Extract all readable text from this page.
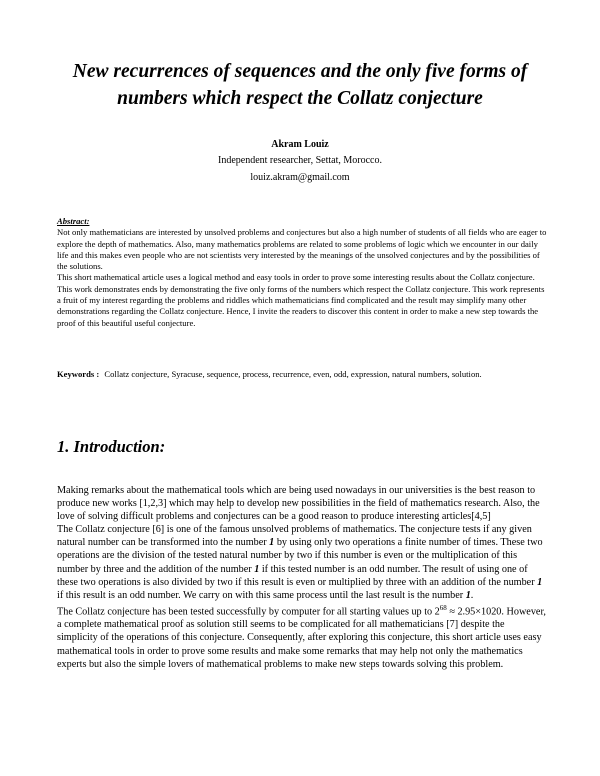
New recurrences of sequences and the only five forms of numbers which respect the Collatz conjecture
Akram Louiz
Independent researcher, Settat, Morocco.
louiz.akram@gmail.com
Abstract:

Not only mathematicians are interested by unsolved problems and conjectures but also a high number of students of all fields who are eager to explore the depth of mathematics. Also, many mathematics problems are related to some problems of logic which we encounter in our daily life and this makes even people who are not scientists very interested by the meanings of the unsolved conjectures and by the possibilities of the solutions.

This short mathematical article uses a logical method and easy tools in order to prove some interesting results about the Collatz conjecture. This work demonstrates ends by demonstrating the five only forms of the numbers which respect the Collatz conjecture. This work represents a fruit of my interest regarding the problems and riddles which mathematicians find complicated and the result may simplify many other demonstrations regarding the Collatz conjecture. Hence, I invite the readers to discover this content in order to make a new step towards the proof of this beautiful useful conjecture.

Keywords : Collatz conjecture, Syracuse, sequence, process, recurrence, even, odd, expression, natural numbers, solution.
1. Introduction:

Making remarks about the mathematical tools which are being used nowadays in our universities is the best reason to produce new works [1,2,3] which may help to develop new possibilities in the field of mathematics research. Also, the love of solving difficult problems and conjectures can be a good reason to produce interesting articles[4,5]

The Collatz conjecture [6] is one of the famous unsolved problems of mathematics. The conjecture tests if any given natural number can be transformed into the number 1 by using only two operations a finite number of times. These two operations are the division of the tested natural number by two if this number is even or the multiplication of this number by three and the addition of the number 1 if this tested number is an odd number. The result of using one of these two operations is also divided by two if this result is even or multiplied by three with an addition of the number 1 if this result is an odd number. We carry on with this same process until the last result is the number 1.

The Collatz conjecture has been tested successfully by computer for all starting values up to $2^{68} \approx 2.95\times 1020$. However, a complete mathematical proof as solution still seems to be complicated for all mathematicians [7] despite the simplicity of the operations of this conjecture. Consequently, after exploring this conjecture, this short article uses easy mathematical tools in order to prove some results and make some remarks that may help not only the mathematics experts but also the simple lovers of mathematical problems to make new steps towards solving this problem.
